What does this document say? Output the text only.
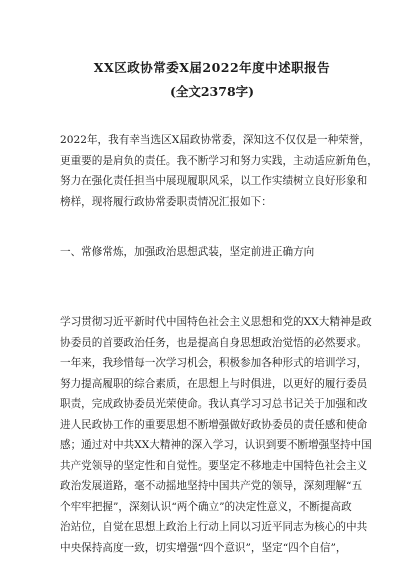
XX区政协常委X届2022年度中述职报告
(全文2378字)
2022年，我有幸当选区X届政协常委，深知这不仅仅是一种荣誉，
更重要的是肩负的责任。我不断学习和努力实践，主动适应新角色，
努力在强化责任担当中展现履职风采，以工作实绩树立良好形象和
榜样，现将履行政协常委职责情况汇报如下：
一、常修常炼，加强政治思想武装，坚定前进正确方向
学习贯彻习近平新时代中国特色社会主义思想和党的XX大精神是政
协委员的首要政治任务，也是提高自身思想政治觉悟的必然要求。
一年来，我珍惜每一次学习机会，积极参加各种形式的培训学习，
努力提高履职的综合素质，在思想上与时俱进，以更好的履行委员
职责，完成政协委员光荣使命。我认真学习习总书记关于加强和改
进人民政协工作的重要思想不断增强做好政协委员的责任感和使命
感；通过对中共XX大精神的深入学习，认识到要不断增强坚持中国
共产党领导的坚定性和自觉性。要坚定不移地走中国特色社会主义
政治发展道路，毫不动摇地坚持中国共产党的领导，深刻理解“五
个牢牢把握”，深刻认识“两个确立”的决定性意义，不断提高政
治站位，自觉在思想上政治上行动上同以习近平同志为核心的中共
中央保持高度一致，切实增强“四个意识”，坚定“四个自信”，
